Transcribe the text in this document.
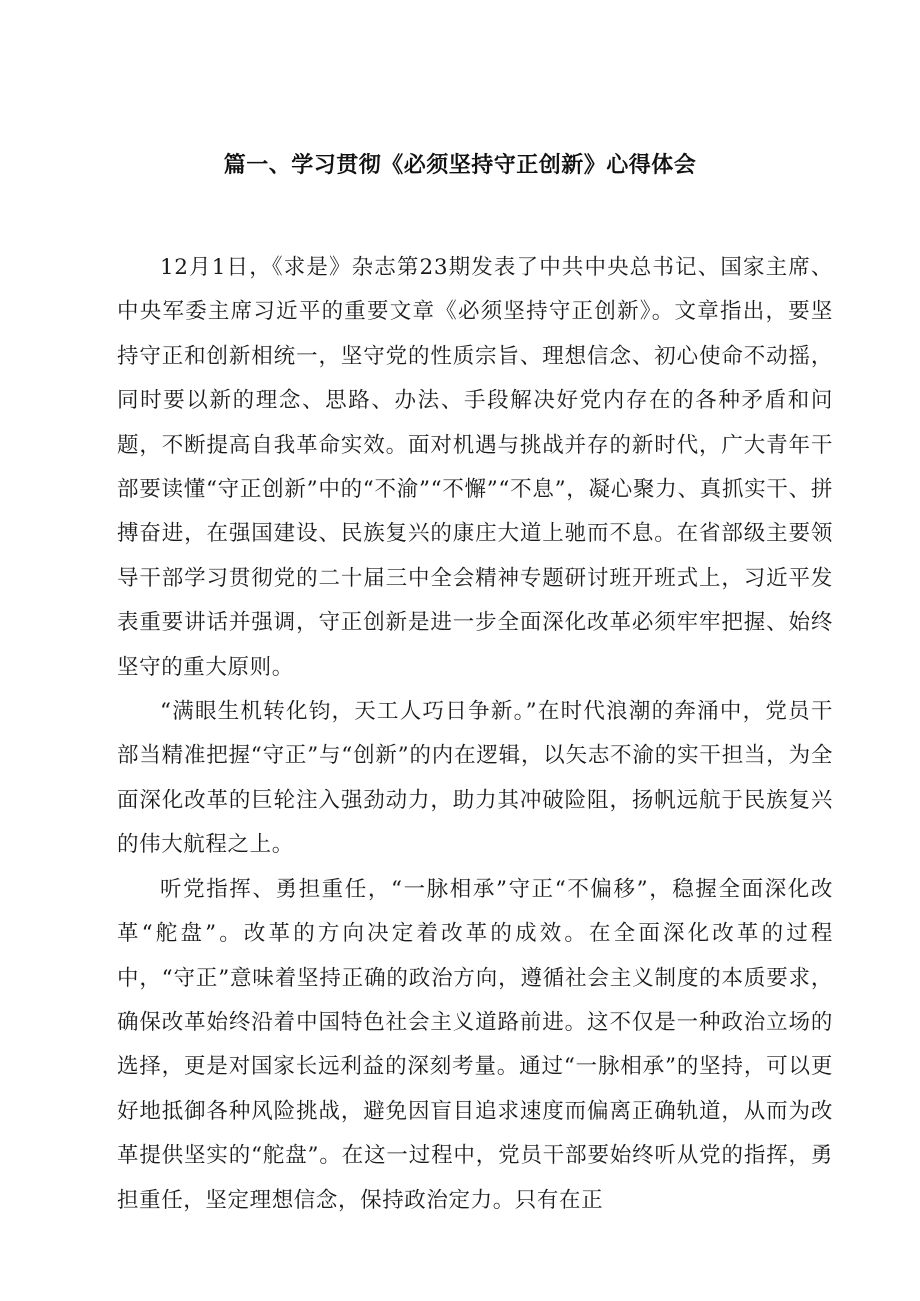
篇一、学习贯彻《必须坚持守正创新》心得体会

12月1日，《求是》杂志第23期发表了中共中央总书记、国家主席、中央军委主席习近平的重要文章《必须坚持守正创新》。文章指出，要坚持守正和创新相统一，坚守党的性质宗旨、理想信念、初心使命不动摇，同时要以新的理念、思路、办法、手段解决好党内存在的各种矛盾和问题，不断提高自我革命实效。面对机遇与挑战并存的新时代，广大青年干部要读懂“守正创新”中的“不渝”“不懈”“不息”，凝心聚力、真抓实干、拼搏奋进，在强国建设、民族复兴的康庄大道上驰而不息。在省部级主要领导干部学习贯彻党的二十届三中全会精神专题研讨班开班式上，习近平发表重要讲话并强调，守正创新是进一步全面深化改革必须牢牢把握、始终坚守的重大原则。

“满眼生机转化钧，天工人巧日争新。”在时代浪潮的奔涌中，党员干部当精准把握“守正”与“创新”的内在逻辑，以矢志不渝的实干担当，为全面深化改革的巨轮注入强劲动力，助力其冲破险阻，扬帆远航于民族复兴的伟大航程之上。

听党指挥、勇担重任，“一脉相承”守正“不偏移”，稳握全面深化改革“舵盘”。改革的方向决定着改革的成效。在全面深化改革的过程中，“守正”意味着坚持正确的政治方向，遵循社会主义制度的本质要求，确保改革始终沿着中国特色社会主义道路前进。这不仅是一种政治立场的选择，更是对国家长远利益的深刻考量。通过“一脉相承”的坚持，可以更好地抵御各种风险挑战，避免因盲目追求速度而偏离正确轨道，从而为改革提供坚实的“舵盘”。在这一过程中，党员干部要始终听从党的指挥，勇担重任，坚定理想信念，保持政治定力。只有在正
